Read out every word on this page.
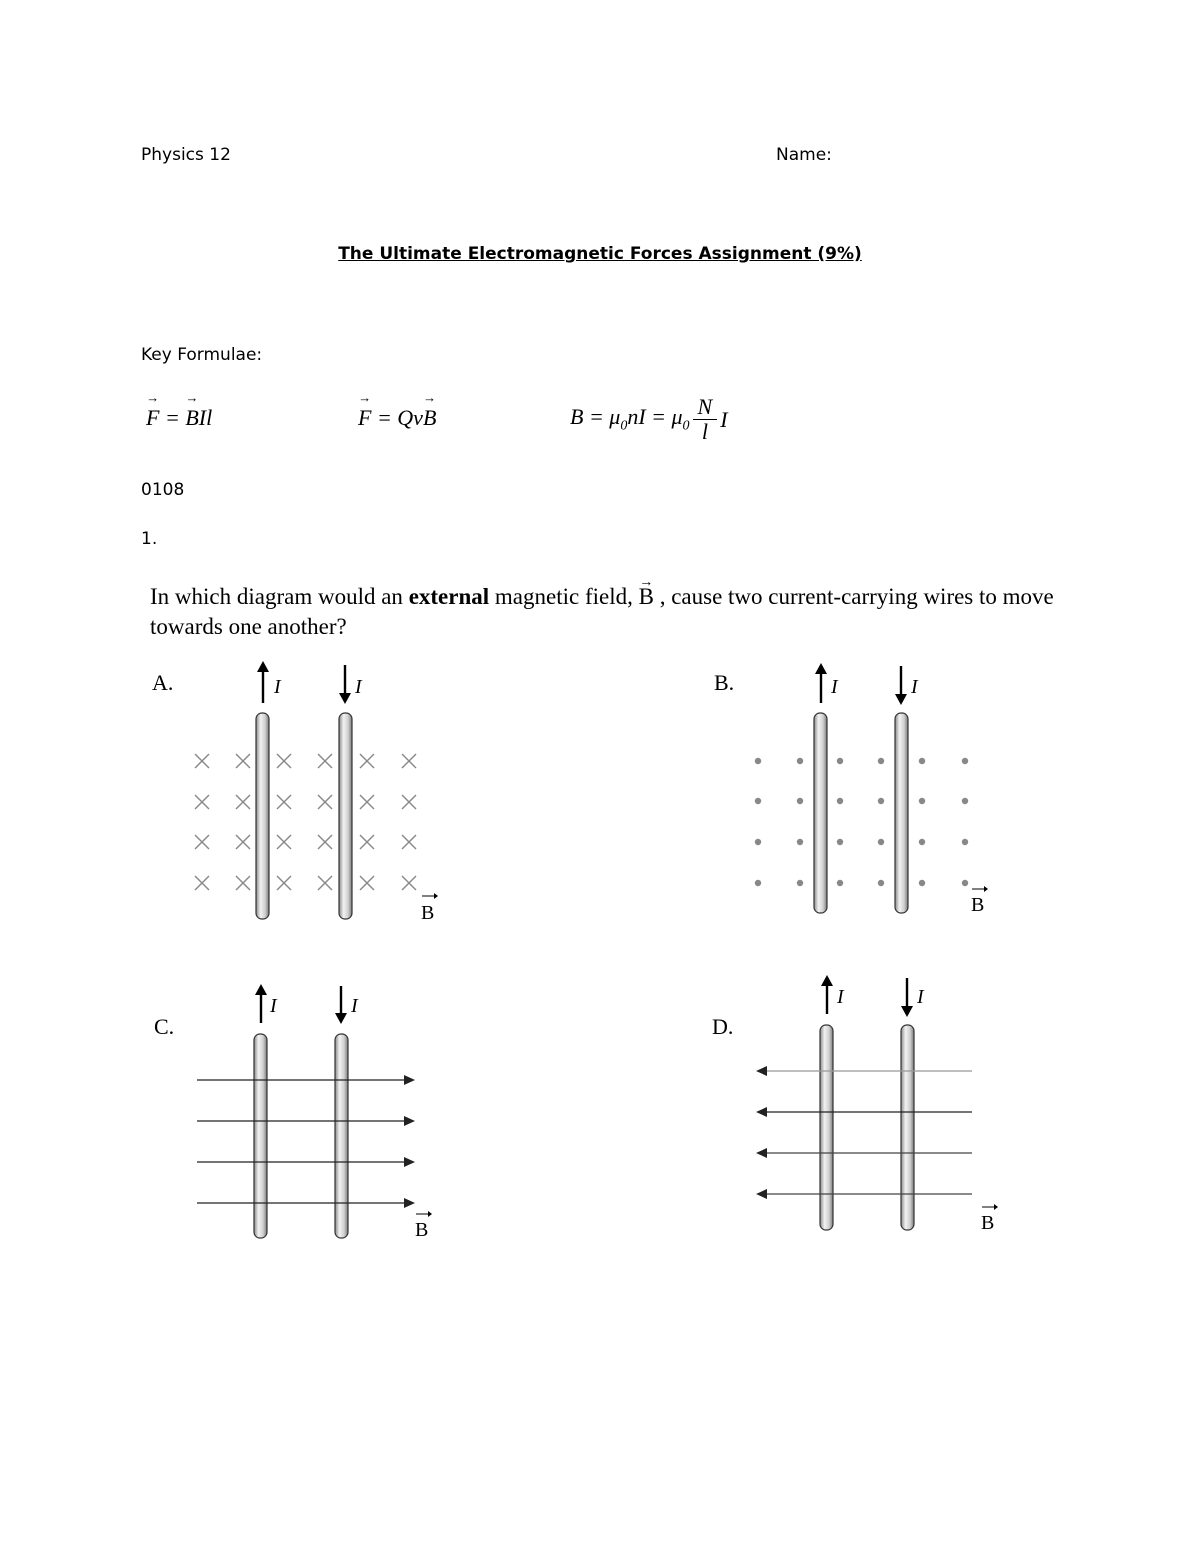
Physics 12	Name:
The Ultimate Electromagnetic Forces Assignment (9%)
Key Formulae:
→ F = → BIl
→	F = Qv→ B	$B = \mu_0nI = \mu_0 \frac{N}{l}$ I
0108
1.
In which diagram would an external magnetic field, → B , cause two current-carrying wires to move towards one another?
A.	B.
C.	D.
I	I
B
I	I
B
I	I
B
I	I
B
